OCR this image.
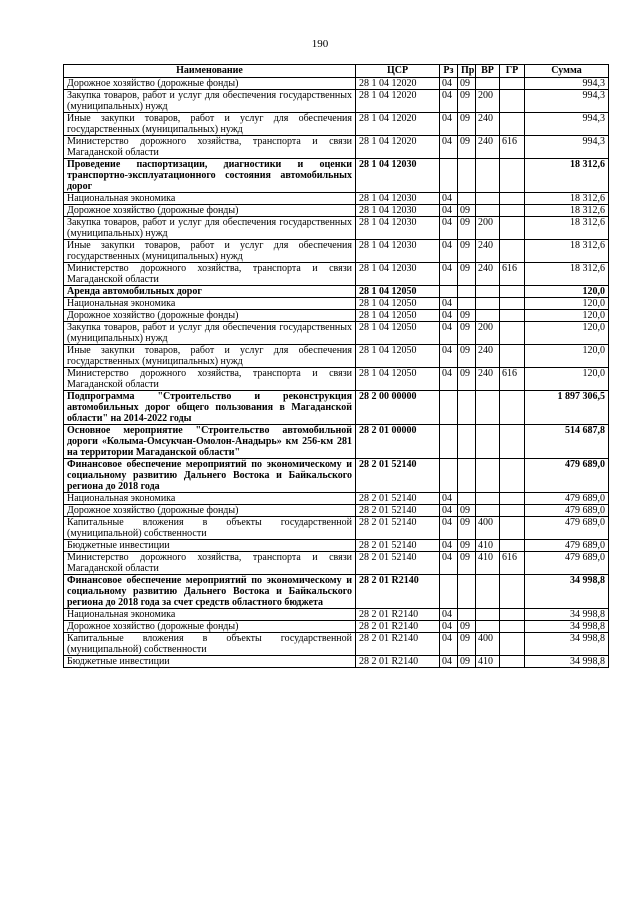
190
Наименование	ЦСР	Рз	Пр	ВР	ГР	Сумма
Дорожное хозяйство (дорожные фонды)	28 1 04 12020	04	09			994,3
Закупка товаров, работ и услуг для обеспечения государственных (муниципальных) нужд	28 1 04 12020	04	09	200		994,3
Иные закупки товаров, работ и услуг для обеспечения государственных (муниципальных) нужд	28 1 04 12020	04	09	240		994,3
Министерство дорожного хозяйства, транспорта и связи Магаданской области	28 1 04 12020	04	09	240	616	994,3
Проведение паспортизации, диагностики и оценки транспортно-эксплуатационного состояния автомобильных дорог	28 1 04 12030					18 312,6
Национальная экономика	28 1 04 12030	04				18 312,6
Дорожное хозяйство (дорожные фонды)	28 1 04 12030	04	09			18 312,6
Закупка товаров, работ и услуг для обеспечения государственных (муниципальных) нужд	28 1 04 12030	04	09	200		18 312,6
Иные закупки товаров, работ и услуг для обеспечения государственных (муниципальных) нужд	28 1 04 12030	04	09	240		18 312,6
Министерство дорожного хозяйства, транспорта и связи Магаданской области	28 1 04 12030	04	09	240	616	18 312,6
Аренда автомобильных дорог	28 1 04 12050					120,0
Национальная экономика	28 1 04 12050	04				120,0
Дорожное хозяйство (дорожные фонды)	28 1 04 12050	04	09			120,0
Закупка товаров, работ и услуг для обеспечения государственных (муниципальных) нужд	28 1 04 12050	04	09	200		120,0
Иные закупки товаров, работ и услуг для обеспечения государственных (муниципальных) нужд	28 1 04 12050	04	09	240		120,0
Министерство дорожного хозяйства, транспорта и связи Магаданской области	28 1 04 12050	04	09	240	616	120,0
Подпрограмма "Строительство и реконструкция автомобильных дорог общего пользования в Магаданской области" на 2014-2022 годы	28 2 00 00000					1 897 306,5
Основное мероприятие "Строительство автомобильной дороги «Колыма-Омсукчан-Омолон-Анадырь» км 256-км 281 на территории Магаданской области"	28 2 01 00000					514 687,8
Финансовое обеспечение мероприятий по экономическому и социальному развитию Дальнего Востока и Байкальского региона до 2018 года	28 2 01 52140					479 689,0
Национальная экономика	28 2 01 52140	04				479 689,0
Дорожное хозяйство (дорожные фонды)	28 2 01 52140	04	09			479 689,0
Капитальные вложения в объекты государственной (муниципальной) собственности	28 2 01 52140	04	09	400		479 689,0
Бюджетные инвестиции	28 2 01 52140	04	09	410		479 689,0
Министерство дорожного хозяйства, транспорта и связи Магаданской области	28 2 01 52140	04	09	410	616	479 689,0
Финансовое обеспечение мероприятий по экономическому и социальному развитию Дальнего Востока и Байкальского региона до 2018 года за счет средств областного бюджета	28 2 01 R2140					34 998,8
Национальная экономика	28 2 01 R2140	04				34 998,8
Дорожное хозяйство (дорожные фонды)	28 2 01 R2140	04	09			34 998,8
Капитальные вложения в объекты государственной (муниципальной) собственности	28 2 01 R2140	04	09	400		34 998,8
Бюджетные инвестиции	28 2 01 R2140	04	09	410		34 998,8
